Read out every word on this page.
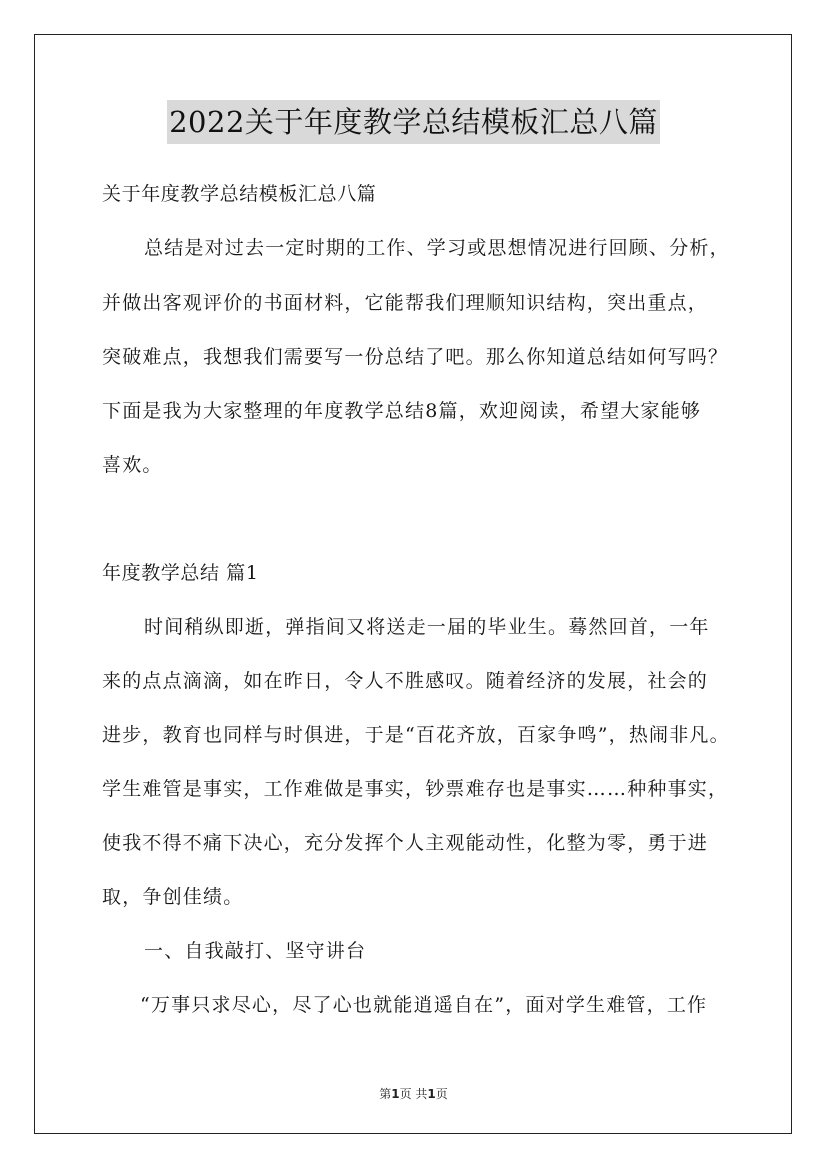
2022关于年度教学总结模板汇总八篇
关于年度教学总结模板汇总八篇
总结是对过去一定时期的工作、学习或思想情况进行回顾、分析，
并做出客观评价的书面材料，它能帮我们理顺知识结构，突出重点，
突破难点，我想我们需要写一份总结了吧。那么你知道总结如何写吗？
下面是我为大家整理的年度教学总结8篇，欢迎阅读，希望大家能够
喜欢。
年度教学总结 篇1
时间稍纵即逝，弹指间又将送走一届的毕业生。蓦然回首，一年
来的点点滴滴，如在昨日，令人不胜感叹。随着经济的发展，社会的
进步，教育也同样与时俱进，于是“百花齐放，百家争鸣”，热闹非凡。
学生难管是事实，工作难做是事实，钞票难存也是事实……种种事实，
使我不得不痛下决心，充分发挥个人主观能动性，化整为零，勇于进
取，争创佳绩。
一、自我敲打、坚守讲台
“万事只求尽心，尽了心也就能逍遥自在”，面对学生难管，工作
第1页 共1页
